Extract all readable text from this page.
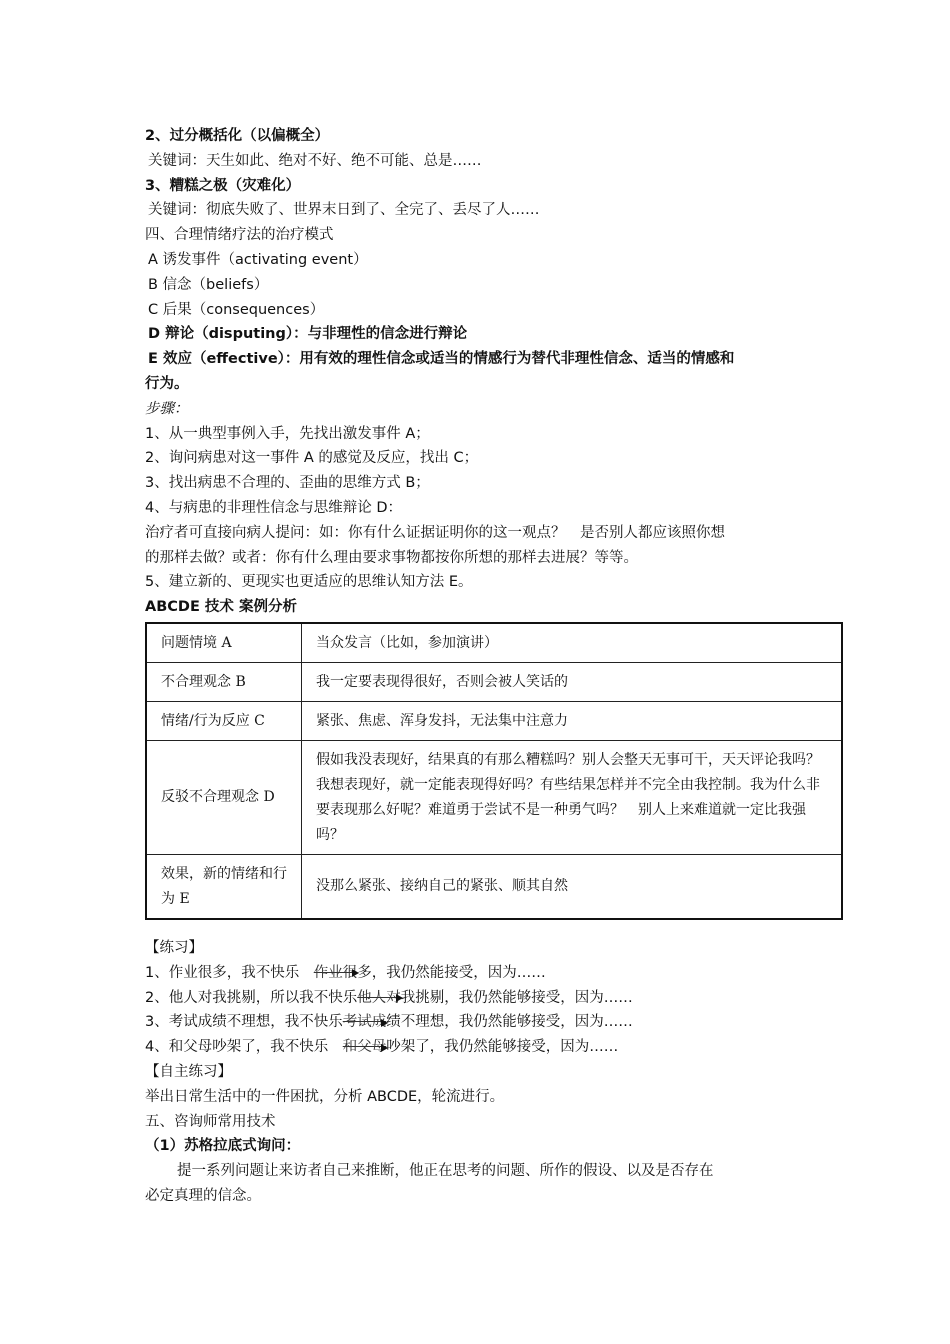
2、过分概括化（以偏概全）
关键词：天生如此、绝对不好、绝不可能、总是……
3、糟糕之极（灾难化）
关键词：彻底失败了、世界末日到了、全完了、丢尽了人……
四、合理情绪疗法的治疗模式
A 诱发事件（activating event）
B 信念（beliefs）
C 后果（consequences）
D 辩论（disputing）：与非理性的信念进行辩论
E 效应（effective）：用有效的理性信念或适当的情感行为替代非理性信念、适当的情感和
行为。
步骤：
1、从一典型事例入手，先找出激发事件 A；
2、询问病患对这一事件 A 的感觉及反应，找出 C；
3、找出病患不合理的、歪曲的思维方式 B；
4、与病患的非理性信念与思维辩论 D：
治疗者可直接向病人提问：如：你有什么证据证明你的这一观点？　是否别人都应该照你想
的那样去做？或者：你有什么理由要求事物都按你所想的那样去进展？等等。
5、建立新的、更现实也更适应的思维认知方法 E。
ABCDE 技术 案例分析
问题情境 A	当众发言（比如，参加演讲）
不合理观念 B	我一定要表现得很好，否则会被人笑话的
情绪/行为反应 C	紧张、焦虑、浑身发抖，无法集中注意力
反驳不合理观念 D	假如我没表现好，结果真的有那么糟糕吗？别人会整天无事可干，天天评论我吗？我想表现好，就一定能表现得好吗？有些结果怎样并不完全由我控制。我为什么非要表现那么好呢？难道勇于尝试不是一种勇气吗？　别人上来难道就一定比我强吗？
效果，新的情绪和行为 E	没那么紧张、接纳自己的紧张、顺其自然
【练习】
1、作业很多，我不快乐　 作业很多，我仍然能接受，因为……
2、他人对我挑剔，所以我不快乐他人对我挑剔，我仍然能够接受，因为……
3、考试成绩不理想，我不快乐考试成绩不理想，我仍然能够接受，因为……
4、和父母吵架了，我不快乐　 和父母吵架了，我仍然能够接受，因为……
【自主练习】
举出日常生活中的一件困扰，分析 ABCDE，轮流进行。
五、咨询师常用技术
（1）苏格拉底式询问：
提一系列问题让来访者自己来推断，他正在思考的问题、所作的假设、以及是否存在
必定真理的信念。
